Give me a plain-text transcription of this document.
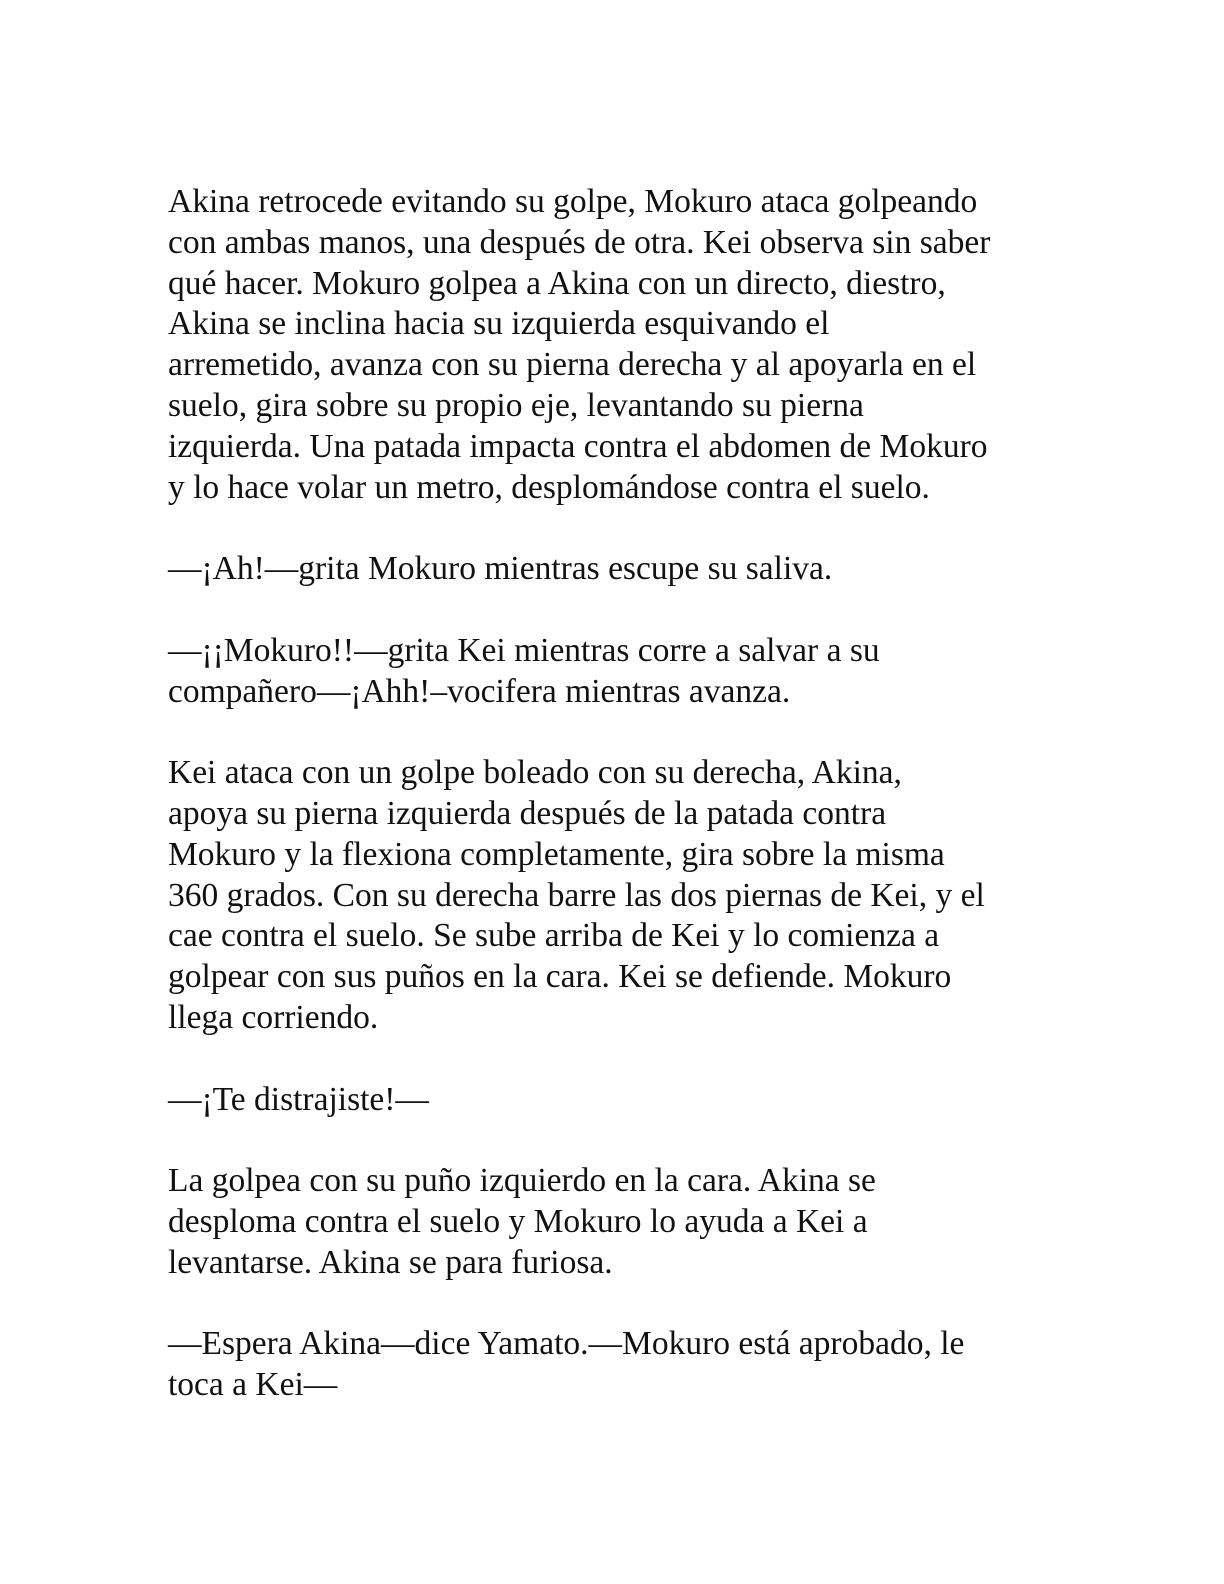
Akina retrocede evitando su golpe, Mokuro ataca golpeando
con ambas manos, una después de otra. Kei observa sin saber
qué hacer. Mokuro golpea a Akina con un directo, diestro,
Akina se inclina hacia su izquierda esquivando el
arremetido, avanza con su pierna derecha y al apoyarla en el
suelo, gira sobre su propio eje, levantando su pierna
izquierda. Una patada impacta contra el abdomen de Mokuro
y lo hace volar un metro, desplomándose contra el suelo.
—¡Ah!—grita Mokuro mientras escupe su saliva.
—¡¡Mokuro!!—grita Kei mientras corre a salvar a su
compañero—¡Ahh!–vocifera mientras avanza.
Kei ataca con un golpe boleado con su derecha, Akina,
apoya su pierna izquierda después de la patada contra
Mokuro y la flexiona completamente, gira sobre la misma
360 grados. Con su derecha barre las dos piernas de Kei, y el
cae contra el suelo. Se sube arriba de Kei y lo comienza a
golpear con sus puños en la cara. Kei se defiende. Mokuro
llega corriendo.
—¡Te distrajiste!—
La golpea con su puño izquierdo en la cara. Akina se
desploma contra el suelo y Mokuro lo ayuda a Kei a
levantarse. Akina se para furiosa.
—Espera Akina—dice Yamato.—Mokuro está aprobado, le
toca a Kei—
